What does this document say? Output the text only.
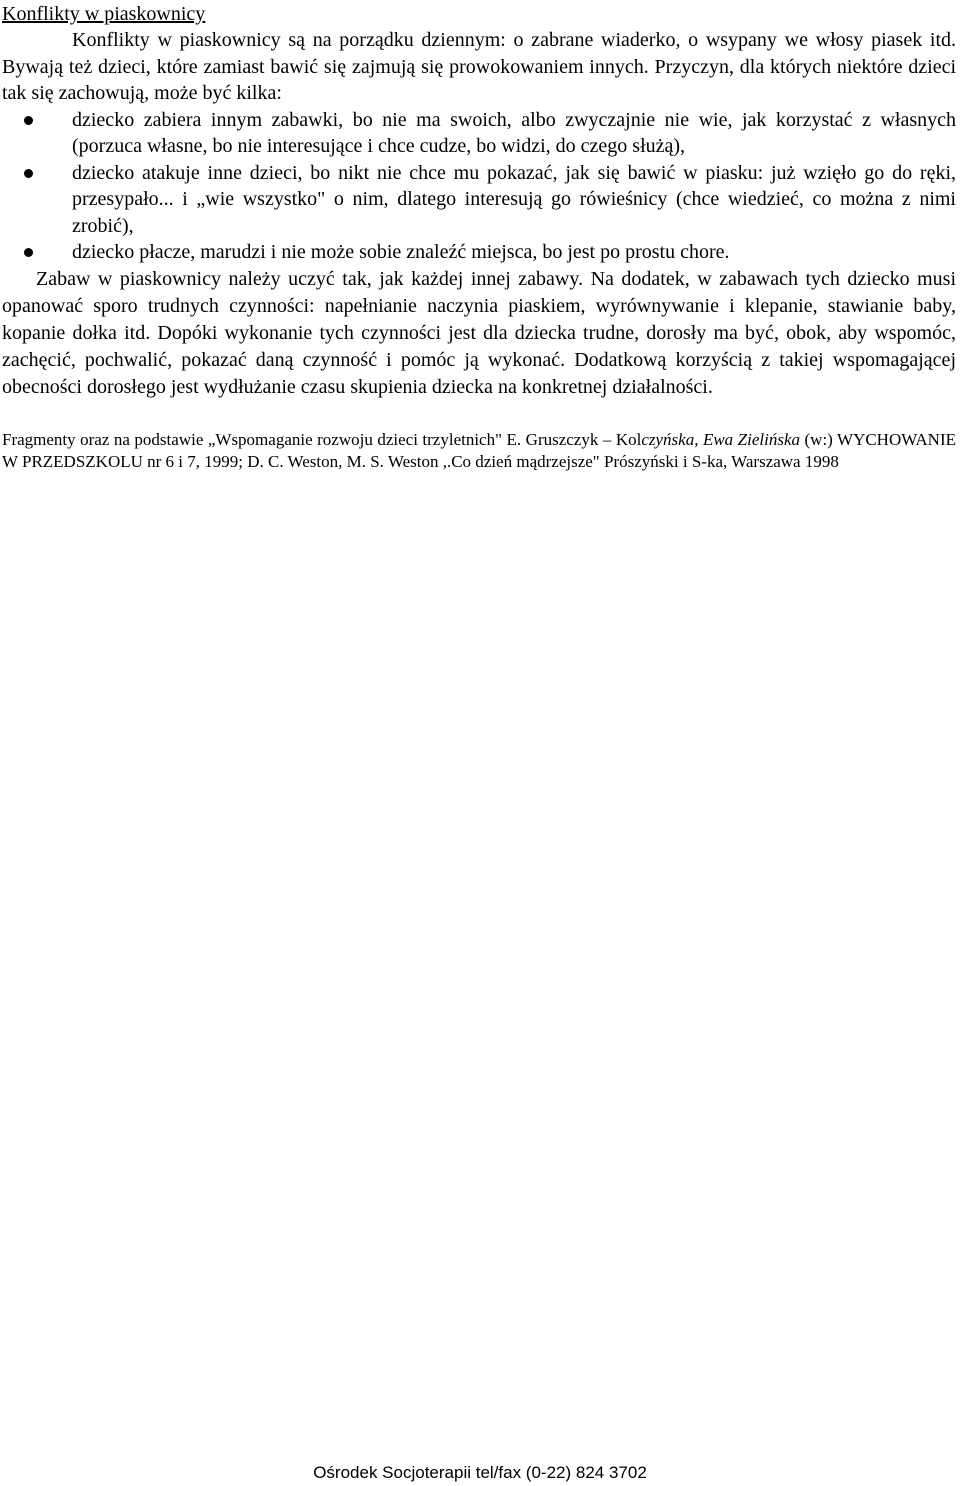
Konflikty w piaskownicy

Konflikty w piaskownicy są na porządku dziennym: o zabrane wiaderko, o wsypany we włosy piasek itd. Bywają też dzieci, które zamiast bawić się zajmują się prowokowaniem innych. Przyczyn, dla których niektóre dzieci tak się zachowują, może być kilka:

dziecko zabiera innym zabawki, bo nie ma swoich, albo zwyczajnie nie wie, jak korzystać z własnych (porzuca własne, bo nie interesujące i chce cudze, bo widzi, do czego służą),
dziecko atakuje inne dzieci, bo nikt nie chce mu pokazać, jak się bawić w piasku: już wzięło go do ręki, przesypało... i „wie wszystko" o nim, dlatego interesują go rówieśnicy (chce wiedzieć, co można z nimi zrobić),
dziecko płacze, marudzi i nie może sobie znaleźć miejsca, bo jest po prostu chore.

Zabaw w piaskownicy należy uczyć tak, jak każdej innej zabawy. Na dodatek, w zabawach tych dziecko musi opanować sporo trudnych czynności: napełnianie naczynia piaskiem, wyrównywanie i klepanie, stawianie baby, kopanie dołka itd. Dopóki wykonanie tych czynności jest dla dziecka trudne, dorosły ma być, obok, aby wspomóc, zachęcić, pochwalić, pokazać daną czynność i pomóc ją wykonać. Dodatkową korzyścią z takiej wspomagającej obecności dorosłego jest wydłużanie czasu skupienia dziecka na konkretnej działalności.

Fragmenty oraz na podstawie „Wspomaganie rozwoju dzieci trzyletnich" E. Gruszczyk – Kolczyńska, Ewa Zielińska (w:) WYCHOWANIE W PRZEDSZKOLU nr 6 i 7, 1999; D. C. Weston, M. S. Weston ,.Co dzień mądrzejsze" Prószyński i S-ka, Warszawa 1998

Ośrodek Socjoterapii tel/fax (0-22) 824 3702
